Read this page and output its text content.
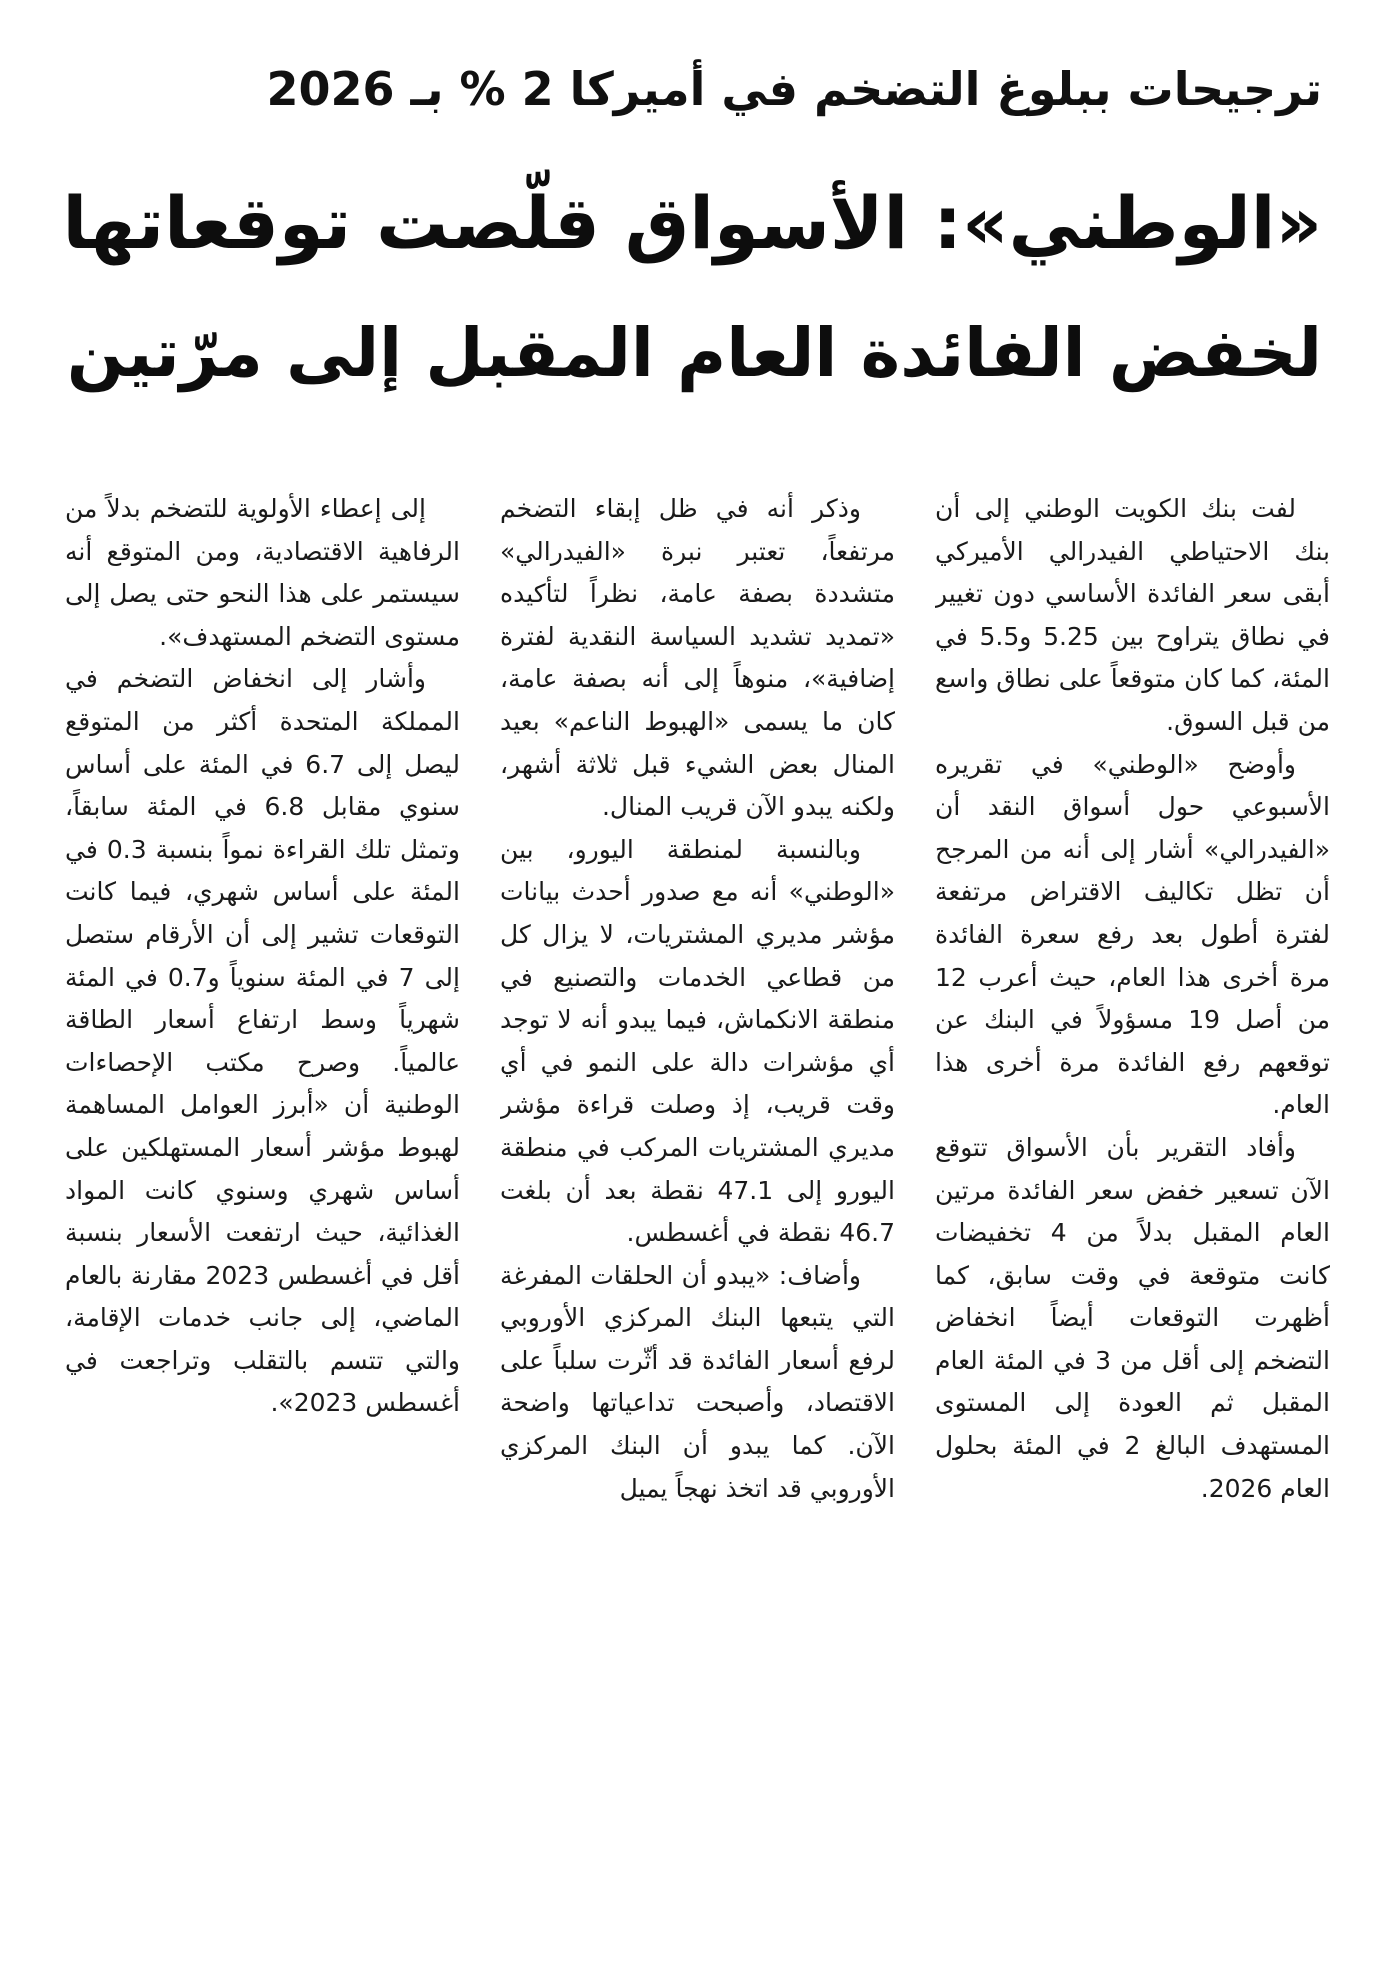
ترجيحات ببلوغ التضخم في أميركا 2 % بـ 2026
«الوطني»: الأسواق قلّصت توقعاتها
لخفض الفائدة العام المقبل إلى مرّتين

لفت بنك الكويت الوطني إلى أن بنك الاحتياطي الفيدرالي الأميركي أبقى سعر الفائدة الأساسي دون تغيير في نطاق يتراوح بين 5.25 و5.5 في المئة، كما كان متوقعاً على نطاق واسع من قبل السوق.

وأوضح «الوطني» في تقريره الأسبوعي حول أسواق النقد أن «الفيدرالي» أشار إلى أنه من المرجح أن تظل تكاليف الاقتراض مرتفعة لفترة أطول بعد رفع سعرة الفائدة مرة أخرى هذا العام، حيث أعرب 12 من أصل 19 مسؤولاً في البنك عن توقعهم رفع الفائدة مرة أخرى هذا العام.

وأفاد التقرير بأن الأسواق تتوقع الآن تسعير خفض سعر الفائدة مرتين العام المقبل بدلاً من 4 تخفيضات كانت متوقعة في وقت سابق، كما أظهرت التوقعات أيضاً انخفاض التضخم إلى أقل من 3 في المئة العام المقبل ثم العودة إلى المستوى المستهدف البالغ 2 في المئة بحلول العام 2026.

وذكر أنه في ظل إبقاء التضخم مرتفعاً، تعتبر نبرة «الفيدرالي» متشددة بصفة عامة، نظراً لتأكيده «تمديد تشديد السياسة النقدية لفترة إضافية»، منوهاً إلى أنه بصفة عامة، كان ما يسمى «الهبوط الناعم» بعيد المنال بعض الشيء قبل ثلاثة أشهر، ولكنه يبدو الآن قريب المنال.

وبالنسبة لمنطقة اليورو، بين «الوطني» أنه مع صدور أحدث بيانات مؤشر مديري المشتريات، لا يزال كل من قطاعي الخدمات والتصنيع في منطقة الانكماش، فيما يبدو أنه لا توجد أي مؤشرات دالة على النمو في أي وقت قريب، إذ وصلت قراءة مؤشر مديري المشتريات المركب في منطقة اليورو إلى 47.1 نقطة بعد أن بلغت 46.7 نقطة في أغسطس.

وأضاف: «يبدو أن الحلقات المفرغة التي يتبعها البنك المركزي الأوروبي لرفع أسعار الفائدة قد أثّرت سلباً على الاقتصاد، وأصبحت تداعياتها واضحة الآن. كما يبدو أن البنك المركزي الأوروبي قد اتخذ نهجاً يميل

إلى إعطاء الأولوية للتضخم بدلاً من الرفاهية الاقتصادية، ومن المتوقع أنه سيستمر على هذا النحو حتى يصل إلى مستوى التضخم المستهدف».

وأشار إلى انخفاض التضخم في المملكة المتحدة أكثر من المتوقع ليصل إلى 6.7 في المئة على أساس سنوي مقابل 6.8 في المئة سابقاً، وتمثل تلك القراءة نمواً بنسبة 0.3 في المئة على أساس شهري، فيما كانت التوقعات تشير إلى أن الأرقام ستصل إلى 7 في المئة سنوياً و0.7 في المئة شهرياً وسط ارتفاع أسعار الطاقة عالمياً. وصرح مكتب الإحصاءات الوطنية أن «أبرز العوامل المساهمة لهبوط مؤشر أسعار المستهلكين على أساس شهري وسنوي كانت المواد الغذائية، حيث ارتفعت الأسعار بنسبة أقل في أغسطس 2023 مقارنة بالعام الماضي، إلى جانب خدمات الإقامة، والتي تتسم بالتقلب وتراجعت في أغسطس 2023».
